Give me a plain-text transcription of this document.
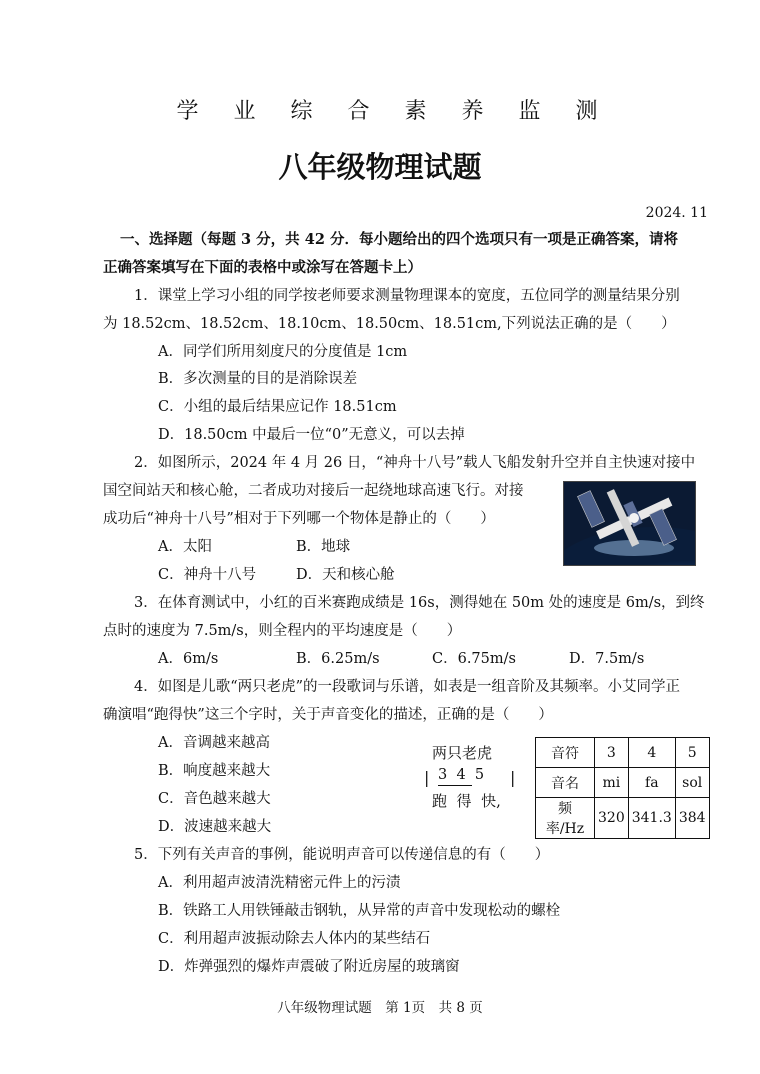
学 业 综 合 素 养 监 测
八年级物理试题
2024. 11
一、选择题（每题 3 分，共 42 分．每小题给出的四个选项只有一项是正确答案，请将
正确答案填写在下面的表格中或涂写在答题卡上）
1．课堂上学习小组的同学按老师要求测量物理课本的宽度，五位同学的测量结果分别
为 18.52cm、18.52cm、18.10cm、18.50cm、18.51cm,下列说法正确的是（　　）
A．同学们所用刻度尺的分度值是 1cm
B．多次测量的目的是消除误差
C．小组的最后结果应记作 18.51cm
D．18.50cm 中最后一位“0”无意义，可以去掉
2．如图所示，2024 年 4 月 26 日，“神舟十八号”载人飞船发射升空并自主快速对接中
国空间站天和核心舱，二者成功对接后一起绕地球高速飞行。对接
成功后“神舟十八号”相对于下列哪一个物体是静止的（　　）
A．太阳	B．地球
C．神舟十八号	D．天和核心舱
3．在体育测试中，小红的百米赛跑成绩是 16s，测得她在 50m 处的速度是 6m/s，到终
点时的速度为 7.5m/s，则全程内的平均速度是（　　）
A．6m/s	B．6.25m/s	C．6.75m/s	D．7.5m/s
4．如图是儿歌“两只老虎”的一段歌词与乐谱，如表是一组音阶及其频率。小艾同学正
确演唱“跑得快”这三个字时，关于声音变化的描述，正确的是（　　）
A．音调越来越高
B．响度越来越大
C．音色越来越大
D．波速越来越大
两只老虎
| 3  4  5 |
跑  得  快,
音符	3	4	5
音名	mi	fa	sol
频率/Hz	320	341.3	384
5．下列有关声音的事例，能说明声音可以传递信息的有（　　）
A．利用超声波清洗精密元件上的污渍
B．铁路工人用铁锤敲击钢轨，从异常的声音中发现松动的螺栓
C．利用超声波振动除去人体内的某些结石
D．炸弹强烈的爆炸声震破了附近房屋的玻璃窗
八年级物理试题　第 1页　共 8 页
